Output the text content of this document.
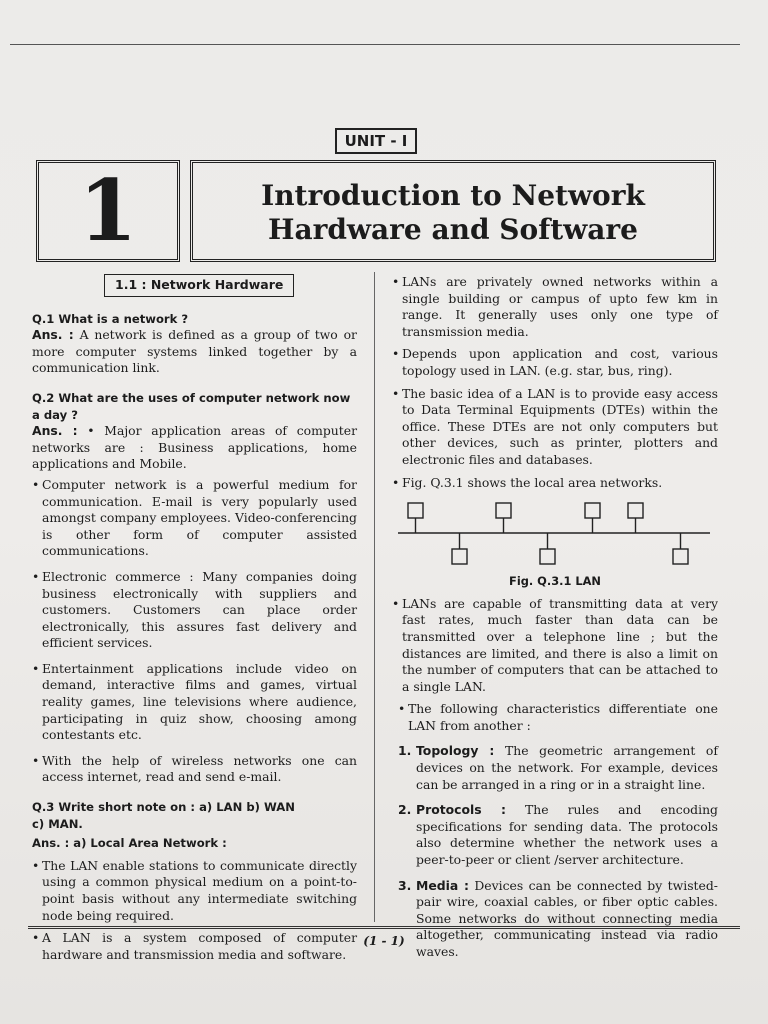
UNIT - I
1	Introduction to Network
Hardware and Software
1.1 : Network Hardware
Q.1 What is a network ?

Ans. : A network is defined as a group of two or more computer systems linked together by a communication link.

Q.2 What are the uses of computer network now a day ?

Ans. : • Major application areas of computer networks are : Business applications, home applications and Mobile.

• Computer network is a powerful medium for communication. E-mail is very popularly used amongst company employees. Video-conferencing is other form of computer assisted communications.
• Electronic commerce : Many companies doing business electronically with suppliers and customers. Customers can place order electronically, this assures fast delivery and efficient services.
• Entertainment applications include video on demand, interactive films and games, virtual reality games, line televisions where audience, participating in quiz show, choosing among contestants etc.
• With the help of wireless networks one can access internet, read and send e-mail.
Q.3 Write short note on : a) LAN b) WAN
c) MAN.
Ans. : a) Local Area Network :
• The LAN enable stations to communicate directly using a common physical medium on a point-to-point basis without any intermediate switching node being required.
• A LAN is a system composed of computer hardware and transmission media and software.
• LANs are privately owned networks within a single building or campus of upto few km in range. It generally uses only one type of transmission media.
• Depends upon application and cost, various topology used in LAN. (e.g. star, bus, ring).
• The basic idea of a LAN is to provide easy access to Data Terminal Equipments (DTEs) within the office. These DTEs are not only computers but other devices, such as printer, plotters and electronic files and databases.
• Fig. Q.3.1 shows the local area networks.
Fig. Q.3.1 LAN
• LANs are capable of transmitting data at very fast rates, much faster than data can be transmitted over a telephone line ; but the distances are limited, and there is also a limit on the number of computers that can be attached to a single LAN.
• The following characteristics differentiate one LAN from another :
1. Topology : The geometric arrangement of devices on the network. For example, devices can be arranged in a ring or in a straight line.
2. Protocols : The rules and encoding specifications for sending data. The protocols also determine whether the network uses a peer-to-peer or client /server architecture.
3. Media : Devices can be connected by twisted-pair wire, coaxial cables, or fiber optic cables. Some networks do without connecting media altogether, communicating instead via radio waves.
(1 - 1)
